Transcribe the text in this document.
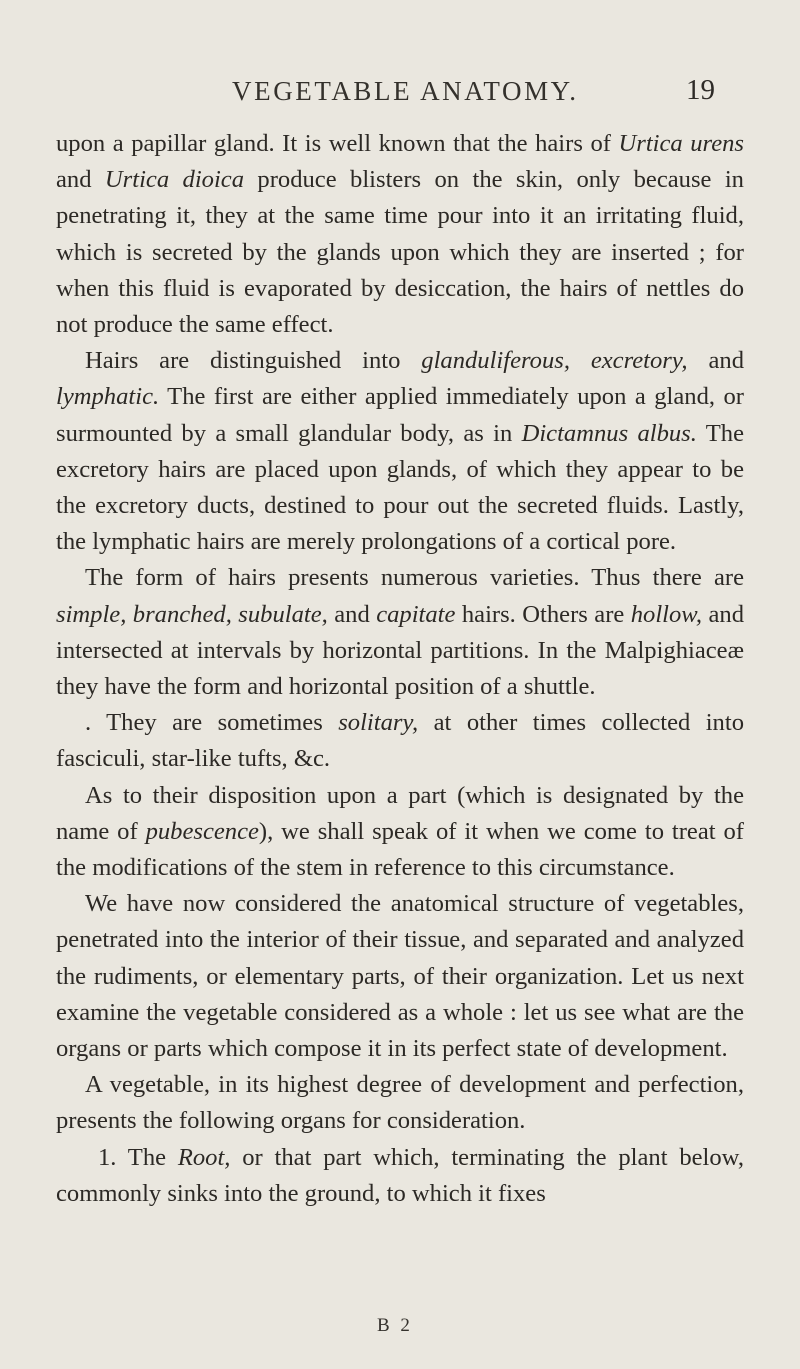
VEGETABLE ANATOMY.	19

upon a papillar gland. It is well known that the hairs of Urtica urens and Urtica dioica produce blisters on the skin, only because in penetrating it, they at the same time pour into it an irritating fluid, which is secreted by the glands upon which they are inserted ; for when this fluid is evaporated by desiccation, the hairs of nettles do not produce the same effect.

Hairs are distinguished into glanduliferous, excretory, and lymphatic. The first are either applied immediately upon a gland, or surmounted by a small glandular body, as in Dictamnus albus. The excretory hairs are placed upon glands, of which they appear to be the excretory ducts, destined to pour out the secreted fluids. Lastly, the lymphatic hairs are merely prolongations of a cortical pore.

The form of hairs presents numerous varieties. Thus there are simple, branched, subulate, and capitate hairs. Others are hollow, and intersected at intervals by horizontal partitions. In the Malpighiaceæ they have the form and horizontal position of a shuttle.

. They are sometimes solitary, at other times collected into fasciculi, star-like tufts, &c.

As to their disposition upon a part (which is designated by the name of pubescence), we shall speak of it when we come to treat of the modifications of the stem in reference to this circumstance.

We have now considered the anatomical structure of vegetables, penetrated into the interior of their tissue, and separated and analyzed the rudiments, or elementary parts, of their organization. Let us next examine the vegetable considered as a whole : let us see what are the organs or parts which compose it in its perfect state of development.

A vegetable, in its highest degree of development and perfection, presents the following organs for consideration.

1. The Root, or that part which, terminating the plant below, commonly sinks into the ground, to which it fixes

B 2
